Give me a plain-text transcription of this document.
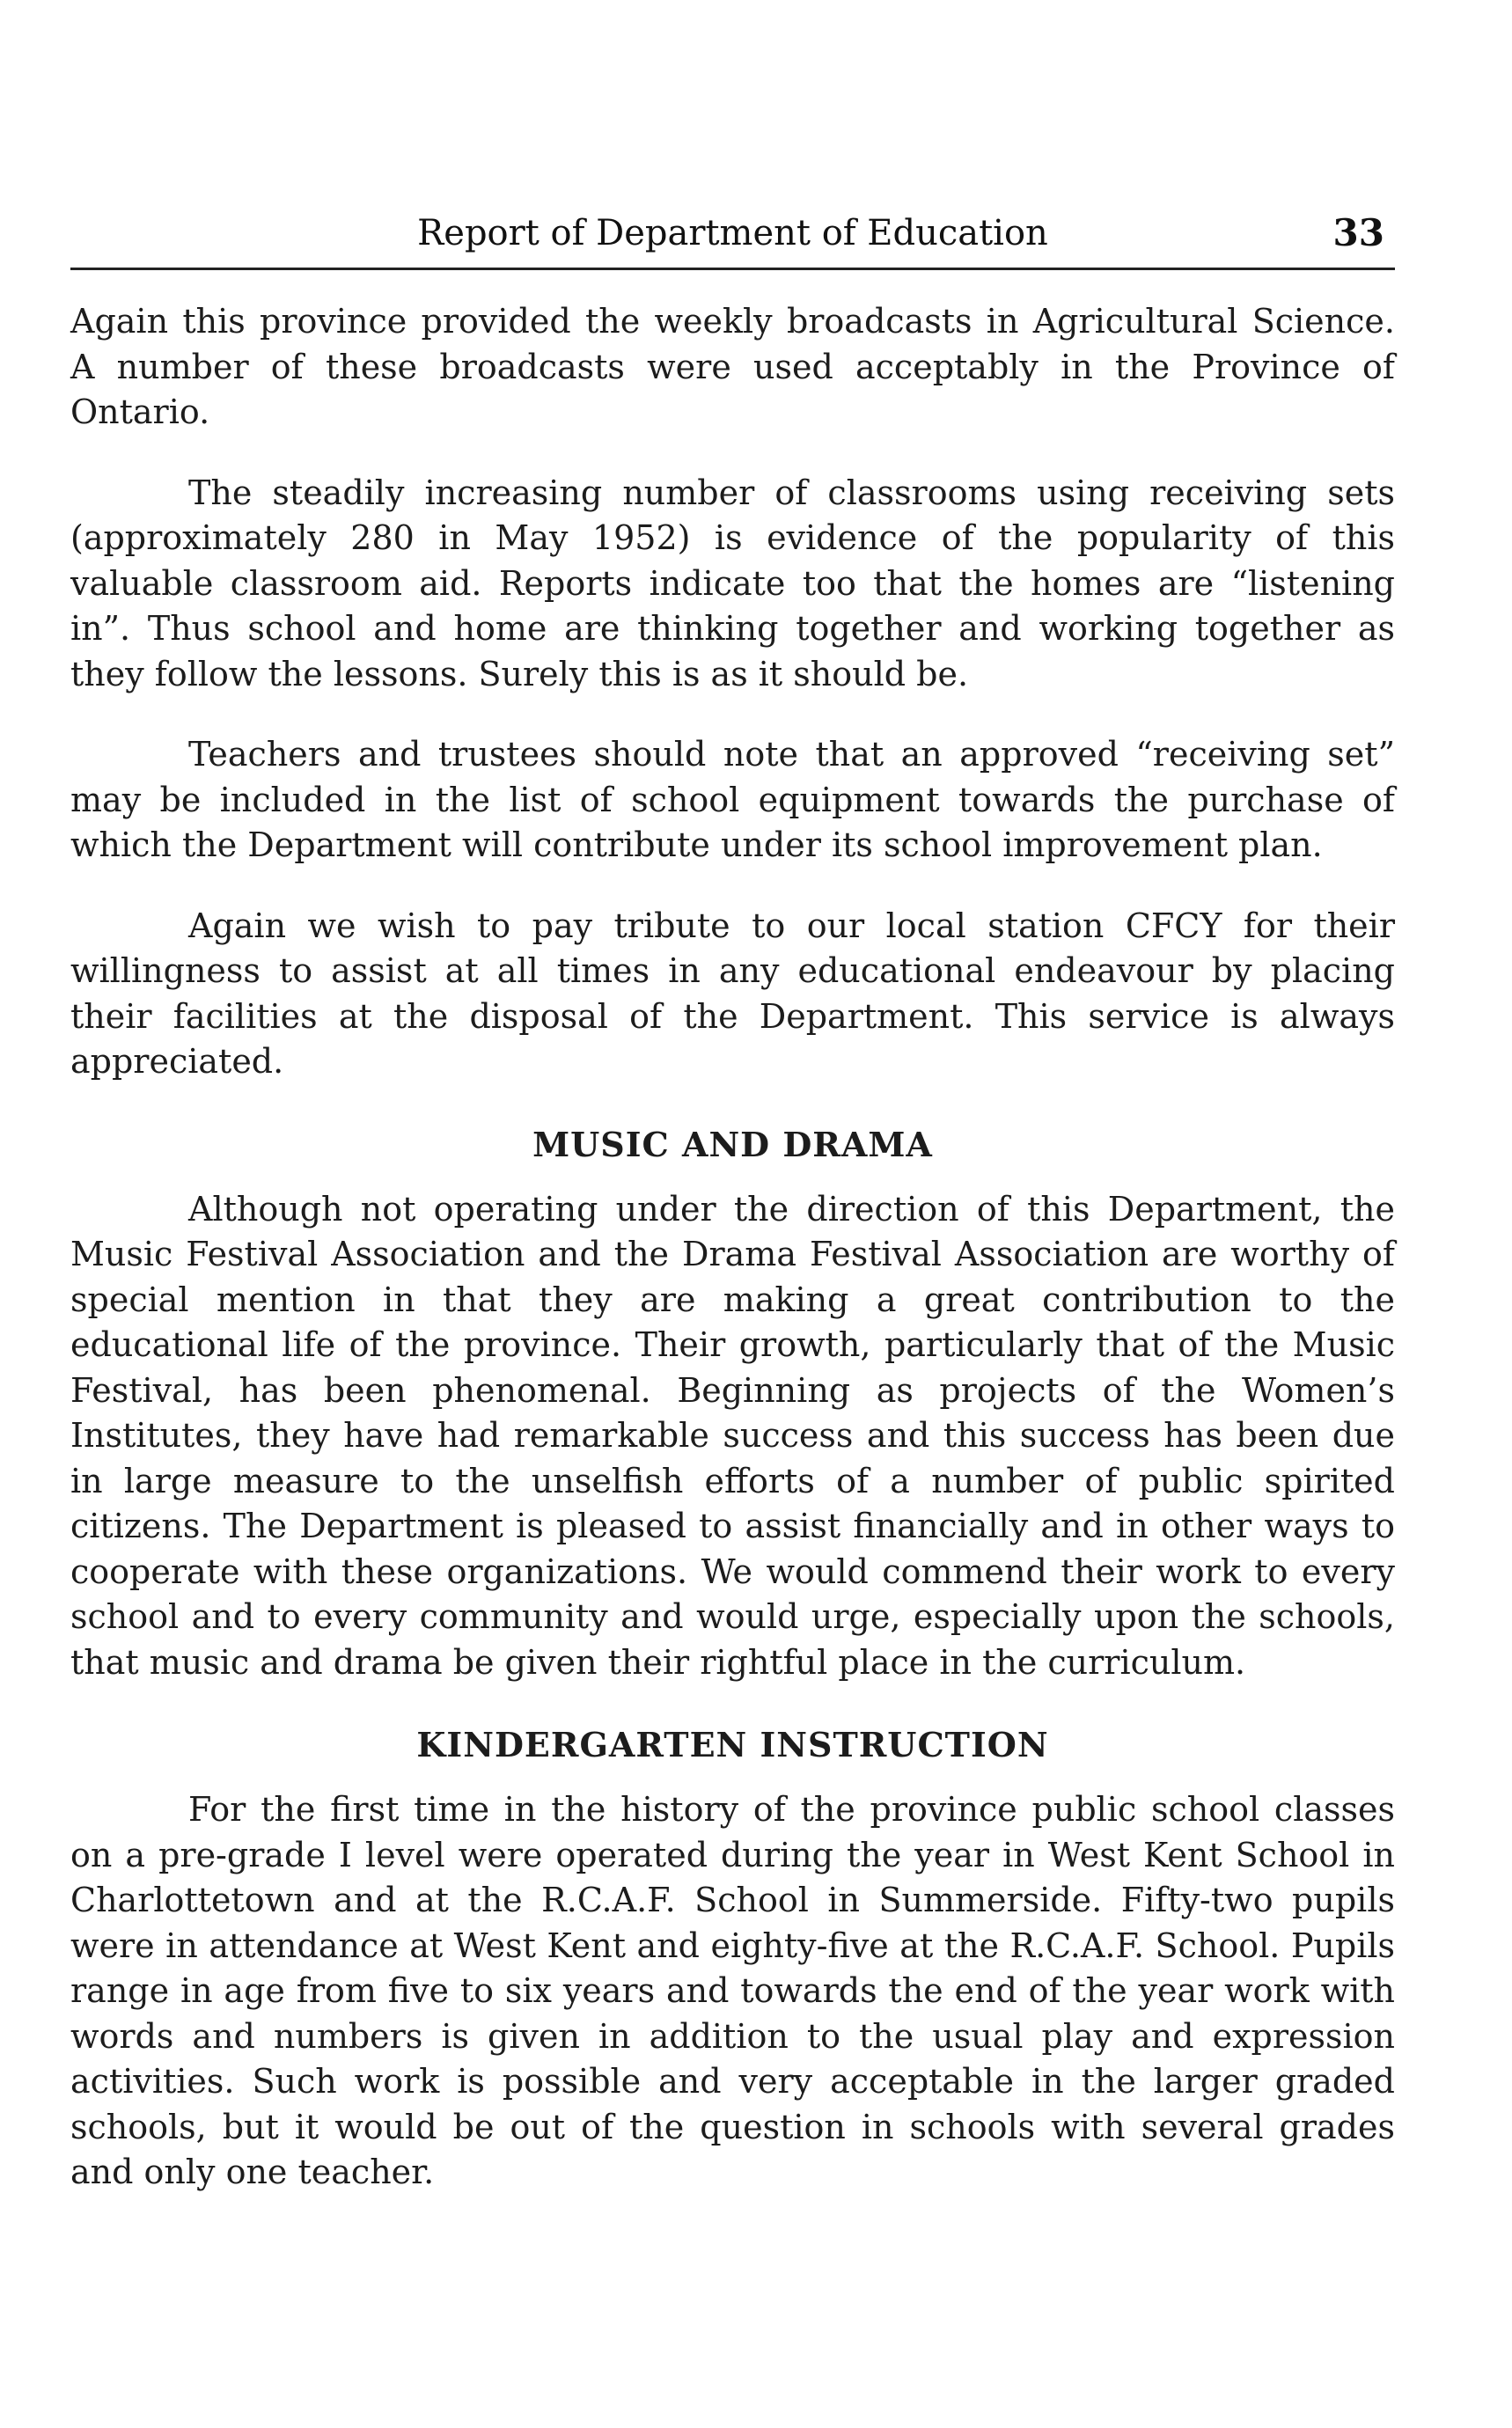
Report of Department of Education	33

Again this province provided the weekly broadcasts in Agricultural Science. A number of these broadcasts were used acceptably in the Province of Ontario.

The steadily increasing number of classrooms using receiving sets (approximately 280 in May 1952) is evidence of the popularity of this valuable classroom aid. Reports indicate too that the homes are “listening in”. Thus school and home are thinking together and working together as they follow the lessons. Surely this is as it should be.

Teachers and trustees should note that an approved “receiving set” may be included in the list of school equipment towards the purchase of which the Department will contribute under its school improvement plan.

Again we wish to pay tribute to our local station CFCY for their willingness to assist at all times in any educational endeavour by placing their facilities at the disposal of the Department. This service is always appreciated.

MUSIC AND DRAMA

Although not operating under the direction of this Department, the Music Festival Association and the Drama Festival Association are worthy of special mention in that they are making a great contribution to the educational life of the province. Their growth, particularly that of the Music Festival, has been phenomenal. Beginning as projects of the Women’s Institutes, they have had remarkable success and this success has been due in large measure to the unselfish efforts of a number of public spirited citizens. The Department is pleased to assist financially and in other ways to cooperate with these organizations. We would commend their work to every school and to every community and would urge, especially upon the schools, that music and drama be given their rightful place in the curriculum.

KINDERGARTEN INSTRUCTION

For the first time in the history of the province public school classes on a pre-grade I level were operated during the year in West Kent School in Charlottetown and at the R.C.A.F. School in Summerside. Fifty-two pupils were in attendance at West Kent and eighty-five at the R.C.A.F. School. Pupils range in age from five to six years and towards the end of the year work with words and numbers is given in addition to the usual play and expression activities. Such work is possible and very acceptable in the larger graded schools, but it would be out of the question in schools with several grades and only one teacher.
